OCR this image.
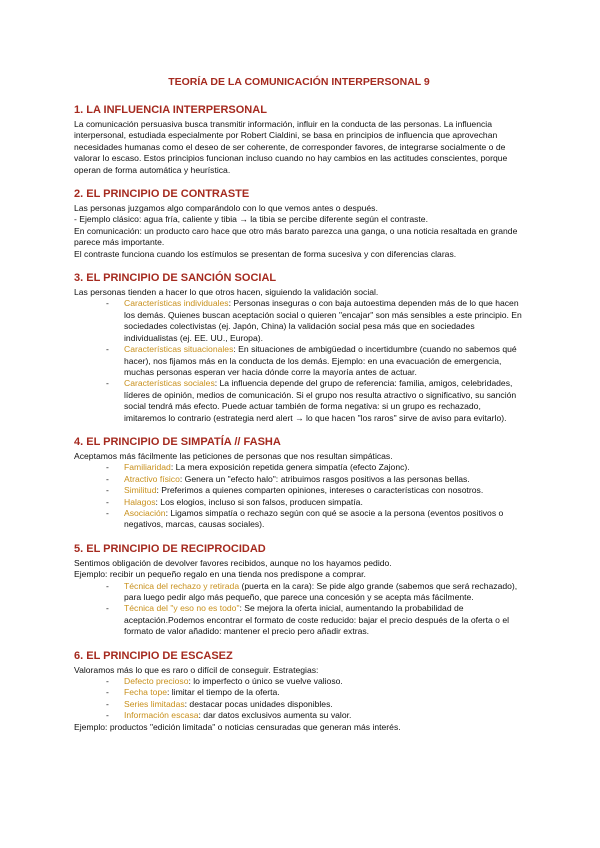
TEORÍA DE LA COMUNICACIÓN INTERPERSONAL 9
1. LA INFLUENCIA INTERPERSONAL

La comunicación persuasiva busca transmitir información, influir en la conducta de las personas. La influencia interpersonal, estudiada especialmente por Robert Cialdini, se basa en principios de influencia que aprovechan necesidades humanas como el deseo de ser coherente, de corresponder favores, de integrarse socialmente o de valorar lo escaso. Estos principios funcionan incluso cuando no hay cambios en las actitudes conscientes, porque operan de forma automática y heurística.

2. EL PRINCIPIO DE CONTRASTE

Las personas juzgamos algo comparándolo con lo que vemos antes o después.

- Ejemplo clásico: agua fría, caliente y tibia → la tibia se percibe diferente según el contraste.

En comunicación: un producto caro hace que otro más barato parezca una ganga, o una noticia resaltada en grande parece más importante.

El contraste funciona cuando los estímulos se presentan de forma sucesiva y con diferencias claras.

3. EL PRINCIPIO DE SANCIÓN SOCIAL

Las personas tienden a hacer lo que otros hacen, siguiendo la validación social.

- Características individuales: Personas inseguras o con baja autoestima dependen más de lo que hacen los demás. Quienes buscan aceptación social o quieren "encajar" son más sensibles a este principio. En sociedades colectivistas (ej. Japón, China) la validación social pesa más que en sociedades individualistas (ej. EE. UU., Europa).
- Características situacionales: En situaciones de ambigüedad o incertidumbre (cuando no sabemos qué hacer), nos fijamos más en la conducta de los demás. Ejemplo: en una evacuación de emergencia, muchas personas esperan ver hacia dónde corre la mayoría antes de actuar.
- Características sociales: La influencia depende del grupo de referencia: familia, amigos, celebridades, líderes de opinión, medios de comunicación. Si el grupo nos resulta atractivo o significativo, su sanción social tendrá más efecto. Puede actuar también de forma negativa: si un grupo es rechazado, imitaremos lo contrario (estrategia nerd alert → lo que hacen "los raros" sirve de aviso para evitarlo).
4. EL PRINCIPIO DE SIMPATÍA // FASHA

Aceptamos más fácilmente las peticiones de personas que nos resultan simpáticas.

- Familiaridad: La mera exposición repetida genera simpatía (efecto Zajonc).
- Atractivo físico: Genera un "efecto halo": atribuimos rasgos positivos a las personas bellas.
- Similitud: Preferimos a quienes comparten opiniones, intereses o características con nosotros.
- Halagos: Los elogios, incluso si son falsos, producen simpatía.
- Asociación: Ligamos simpatía o rechazo según con qué se asocie a la persona (eventos positivos o negativos, marcas, causas sociales).
5. EL PRINCIPIO DE RECIPROCIDAD

Sentimos obligación de devolver favores recibidos, aunque no los hayamos pedido.

Ejemplo: recibir un pequeño regalo en una tienda nos predispone a comprar.

- Técnica del rechazo y retirada (puerta en la cara): Se pide algo grande (sabemos que será rechazado), para luego pedir algo más pequeño, que parece una concesión y se acepta más fácilmente.
- Técnica del "y eso no es todo": Se mejora la oferta inicial, aumentando la probabilidad de aceptación.Podemos encontrar el formato de coste reducido: bajar el precio después de la oferta o el formato de valor añadido: mantener el precio pero añadir extras.
6. EL PRINCIPIO DE ESCASEZ

Valoramos más lo que es raro o difícil de conseguir. Estrategias:

- Defecto precioso: lo imperfecto o único se vuelve valioso.
- Fecha tope: limitar el tiempo de la oferta.
- Series limitadas: destacar pocas unidades disponibles.
- Información escasa: dar datos exclusivos aumenta su valor.

Ejemplo: productos "edición limitada" o noticias censuradas que generan más interés.
